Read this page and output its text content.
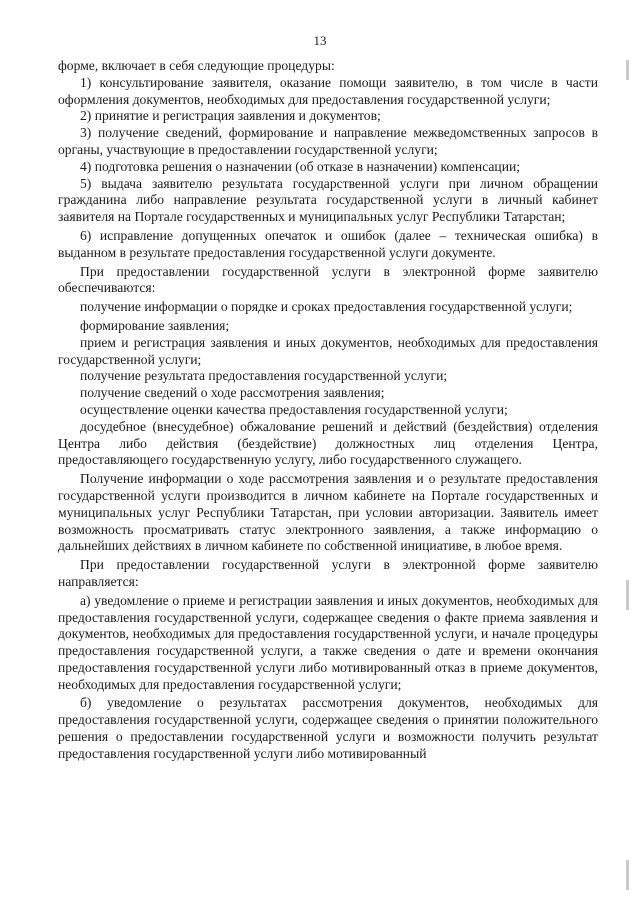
13

форме, включает в себя следующие процедуры:

1) консультирование заявителя, оказание помощи заявителю, в том числе в части оформления документов, необходимых для предоставления государственной услуги;

2) принятие и регистрация заявления и документов;

3) получение сведений, формирование и направление межведомственных запросов в органы, участвующие в предоставлении государственной услуги;

4) подготовка решения о назначении (об отказе в назначении) компенсации;

5) выдача заявителю результата государственной услуги при личном обращении гражданина либо направление результата государственной услуги в личный кабинет заявителя на Портале государственных и муниципальных услуг Республики Татарстан;

6) исправление допущенных опечаток и ошибок (далее – техническая ошибка) в выданном в результате предоставления государственной услуги документе.

При предоставлении государственной услуги в электронной форме заявителю обеспечиваются:

получение информации о порядке и сроках предоставления государственной услуги;

формирование заявления;

прием и регистрация заявления и иных документов, необходимых для предоставления государственной услуги;

получение результата предоставления государственной услуги;

получение сведений о ходе рассмотрения заявления;

осуществление оценки качества предоставления государственной услуги;

досудебное (внесудебное) обжалование решений и действий (бездействия) отделения Центра либо действия (бездействие) должностных лиц отделения Центра, предоставляющего государственную услугу, либо государственного служащего.

Получение информации о ходе рассмотрения заявления и о результате предоставления государственной услуги производится в личном кабинете на Портале государственных и муниципальных услуг Республики Татарстан, при условии авторизации. Заявитель имеет возможность просматривать статус электронного заявления, а также информацию о дальнейших действиях в личном кабинете по собственной инициативе, в любое время.

При предоставлении государственной услуги в электронной форме заявителю направляется:

а) уведомление о приеме и регистрации заявления и иных документов, необходимых для предоставления государственной услуги, содержащее сведения о факте приема заявления и документов, необходимых для предоставления государственной услуги, и начале процедуры предоставления государственной услуги, а также сведения о дате и времени окончания предоставления государственной услуги либо мотивированный отказ в приеме документов, необходимых для предоставления государственной услуги;

б) уведомление о результатах рассмотрения документов, необходимых для предоставления государственной услуги, содержащее сведения о принятии положительного решения о предоставлении государственной услуги и возможности получить результат предоставления государственной услуги либо мотивированный
